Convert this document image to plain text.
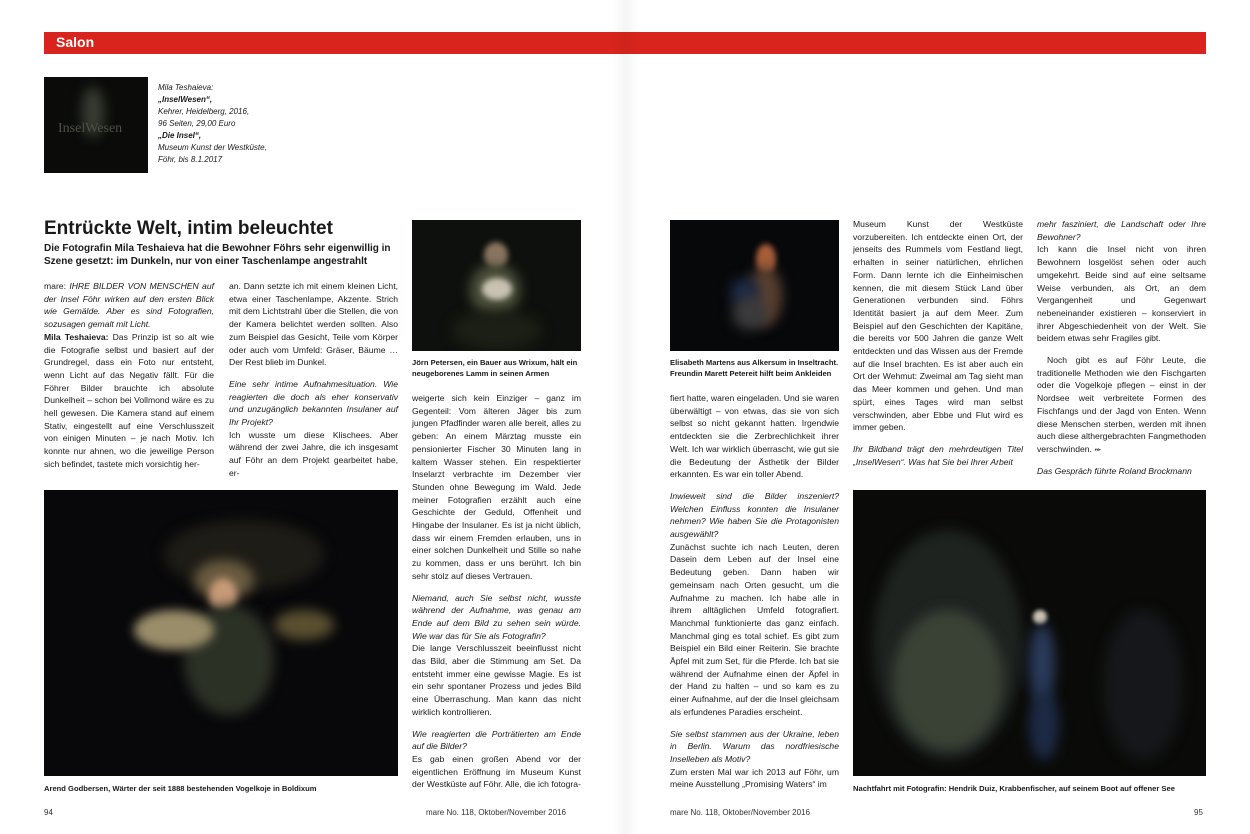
Salon
InselWesen
Mila Teshaieva:
„InselWesen“,
Kehrer, Heidelberg, 2016,
96 Seiten, 29,00 Euro
„Die Insel“,
Museum Kunst der Westküste,
Föhr, bis 8.1.2017
Entrückte Welt, intim beleuchtet
Die Fotografin Mila Teshaieva hat die Bewohner Föhrs sehr eigenwillig in Szene gesetzt: im Dunkeln, nur von einer Taschenlampe angestrahlt

mare: IHRE BILDER VON MENSCHEN auf der Insel Föhr wirken auf den ersten Blick wie Gemälde. Aber es sind Fotografien, sozusagen gemalt mit Licht.

Mila Teshaieva: Das Prinzip ist so alt wie die Fotografie selbst und basiert auf der Grundregel, dass ein Foto nur entsteht, wenn Licht auf das Negativ fällt. Für die Föhrer Bilder brauchte ich absolute Dunkelheit – schon bei Vollmond wäre es zu hell gewesen. Die Kamera stand auf einem Stativ, eingestellt auf eine Verschlusszeit von einigen Minuten – je nach Motiv. Ich konnte nur ahnen, wo die jeweilige Person sich befindet, tastete mich vorsichtig her-

an. Dann setzte ich mit einem kleinen Licht, etwa einer Taschenlampe, Akzente. Strich mit dem Lichtstrahl über die Stellen, die von der Kamera belichtet werden sollten. Also zum Beispiel das Gesicht, Teile vom Körper oder auch vom Umfeld: Gräser, Bäume … Der Rest blieb im Dunkel.

Eine sehr intime Aufnahmesituation. Wie reagierten die doch als eher konservativ und unzugänglich bekannten Insulaner auf Ihr Projekt?

Ich wusste um diese Klischees. Aber während der zwei Jahre, die ich insgesamt auf Föhr an dem Projekt gearbeitet habe, er-

weigerte sich kein Einziger – ganz im Gegenteil: Vom älteren Jäger bis zum jungen Pfadfinder waren alle bereit, alles zu geben: An einem Märztag musste ein pensionierter Fischer 30 Minuten lang in kaltem Wasser stehen. Ein respektierter Inselarzt verbrachte im Dezember vier Stunden ohne Bewegung im Wald. Jede meiner Fotografien erzählt auch eine Geschichte der Geduld, Offenheit und Hingabe der Insulaner. Es ist ja nicht üblich, dass wir einem Fremden erlauben, uns in einer solchen Dunkelheit und Stille so nahe zu kommen, dass er uns berührt. Ich bin sehr stolz auf dieses Vertrauen.

Niemand, auch Sie selbst nicht, wusste während der Aufnahme, was genau am Ende auf dem Bild zu sehen sein würde. Wie war das für Sie als Fotografin?

Die lange Verschlusszeit beeinflusst nicht das Bild, aber die Stimmung am Set. Da entsteht immer eine gewisse Magie. Es ist ein sehr spontaner Prozess und jedes Bild eine Überraschung. Man kann das nicht wirklich kontrollieren.

Wie reagierten die Porträtierten am Ende auf die Bilder?

Es gab einen großen Abend vor der eigentlichen Eröffnung im Museum Kunst der Westküste auf Föhr. Alle, die ich fotogra-

fiert hatte, waren eingeladen. Und sie waren überwältigt – von etwas, das sie von sich selbst so nicht gekannt hatten. Irgendwie entdeckten sie die Zerbrechlichkeit ihrer Welt. Ich war wirklich überrascht, wie gut sie die Bedeutung der Ästhetik der Bilder erkannten. Es war ein toller Abend.

Inwieweit sind die Bilder inszeniert? Welchen Einfluss konnten die Insulaner nehmen? Wie haben Sie die Protagonisten ausgewählt?

Zunächst suchte ich nach Leuten, deren Dasein dem Leben auf der Insel eine Bedeutung geben. Dann haben wir gemeinsam nach Orten gesucht, um die Aufnahme zu machen. Ich habe alle in ihrem alltäglichen Umfeld fotografiert. Manchmal funktionierte das ganz einfach. Manchmal ging es total schief. Es gibt zum Beispiel ein Bild einer Reiterin. Sie brachte Äpfel mit zum Set, für die Pferde. Ich bat sie während der Aufnahme einen der Äpfel in der Hand zu halten – und so kam es zu einer Aufnahme, auf der die Insel gleichsam als erfundenes Paradies erscheint.

Sie selbst stammen aus der Ukraine, leben in Berlin. Warum das nordfriesische Inselleben als Motiv?

Zum ersten Mal war ich 2013 auf Föhr, um meine Ausstellung „Promising Waters“ im

Museum Kunst der Westküste vorzubereiten. Ich entdeckte einen Ort, der jenseits des Rummels vom Festland liegt, erhalten in seiner natürlichen, ehrlichen Form. Dann lernte ich die Einheimischen kennen, die mit diesem Stück Land über Generationen verbunden sind. Föhrs Identität basiert ja auf dem Meer. Zum Beispiel auf den Geschichten der Kapitäne, die bereits vor 500 Jahren die ganze Welt entdeckten und das Wissen aus der Fremde auf die Insel brachten. Es ist aber auch ein Ort der Wehmut: Zweimal am Tag sieht man das Meer kommen und gehen. Und man spürt, eines Tages wird man selbst verschwinden, aber Ebbe und Flut wird es immer geben.

Ihr Bildband trägt den mehrdeutigen Titel „InselWesen“. Was hat Sie bei Ihrer Arbeit

mehr fasziniert, die Landschaft oder Ihre Bewohner?

Ich kann die Insel nicht von ihren Bewohnern losgelöst sehen oder auch umgekehrt. Beide sind auf eine seltsame Weise verbunden, als Ort, an dem Vergangenheit und Gegenwart nebeneinander existieren – konserviert in ihrer Abgeschiedenheit von der Welt. Sie beidem etwas sehr Fragiles gibt.

Noch gibt es auf Föhr Leute, die traditionelle Methoden wie den Fischgarten oder die Vogelkoje pflegen – einst in der Nordsee weit verbreitete Formen des Fischfangs und der Jagd von Enten. Wenn diese Menschen sterben, werden mit ihnen auch diese althergebrachten Fangmethoden verschwinden. ⬰

Das Gespräch führte Roland Brockmann

Jörn Petersen, ein Bauer aus Wrixum, hält ein neugeborenes Lamm in seinen Armen
Elisabeth Martens aus Alkersum in Inseltracht. Freundin Marett Petereit hilft beim Ankleiden
Arend Godbersen, Wärter der seit 1888 bestehenden Vogelkoje in Boldixum	Nachtfahrt mit Fotografin: Hendrik Duiz, Krabbenfischer, auf seinem Boot auf offener See
94	mare No. 118, Oktober/November 2016	mare No. 118, Oktober/November 2016	95
